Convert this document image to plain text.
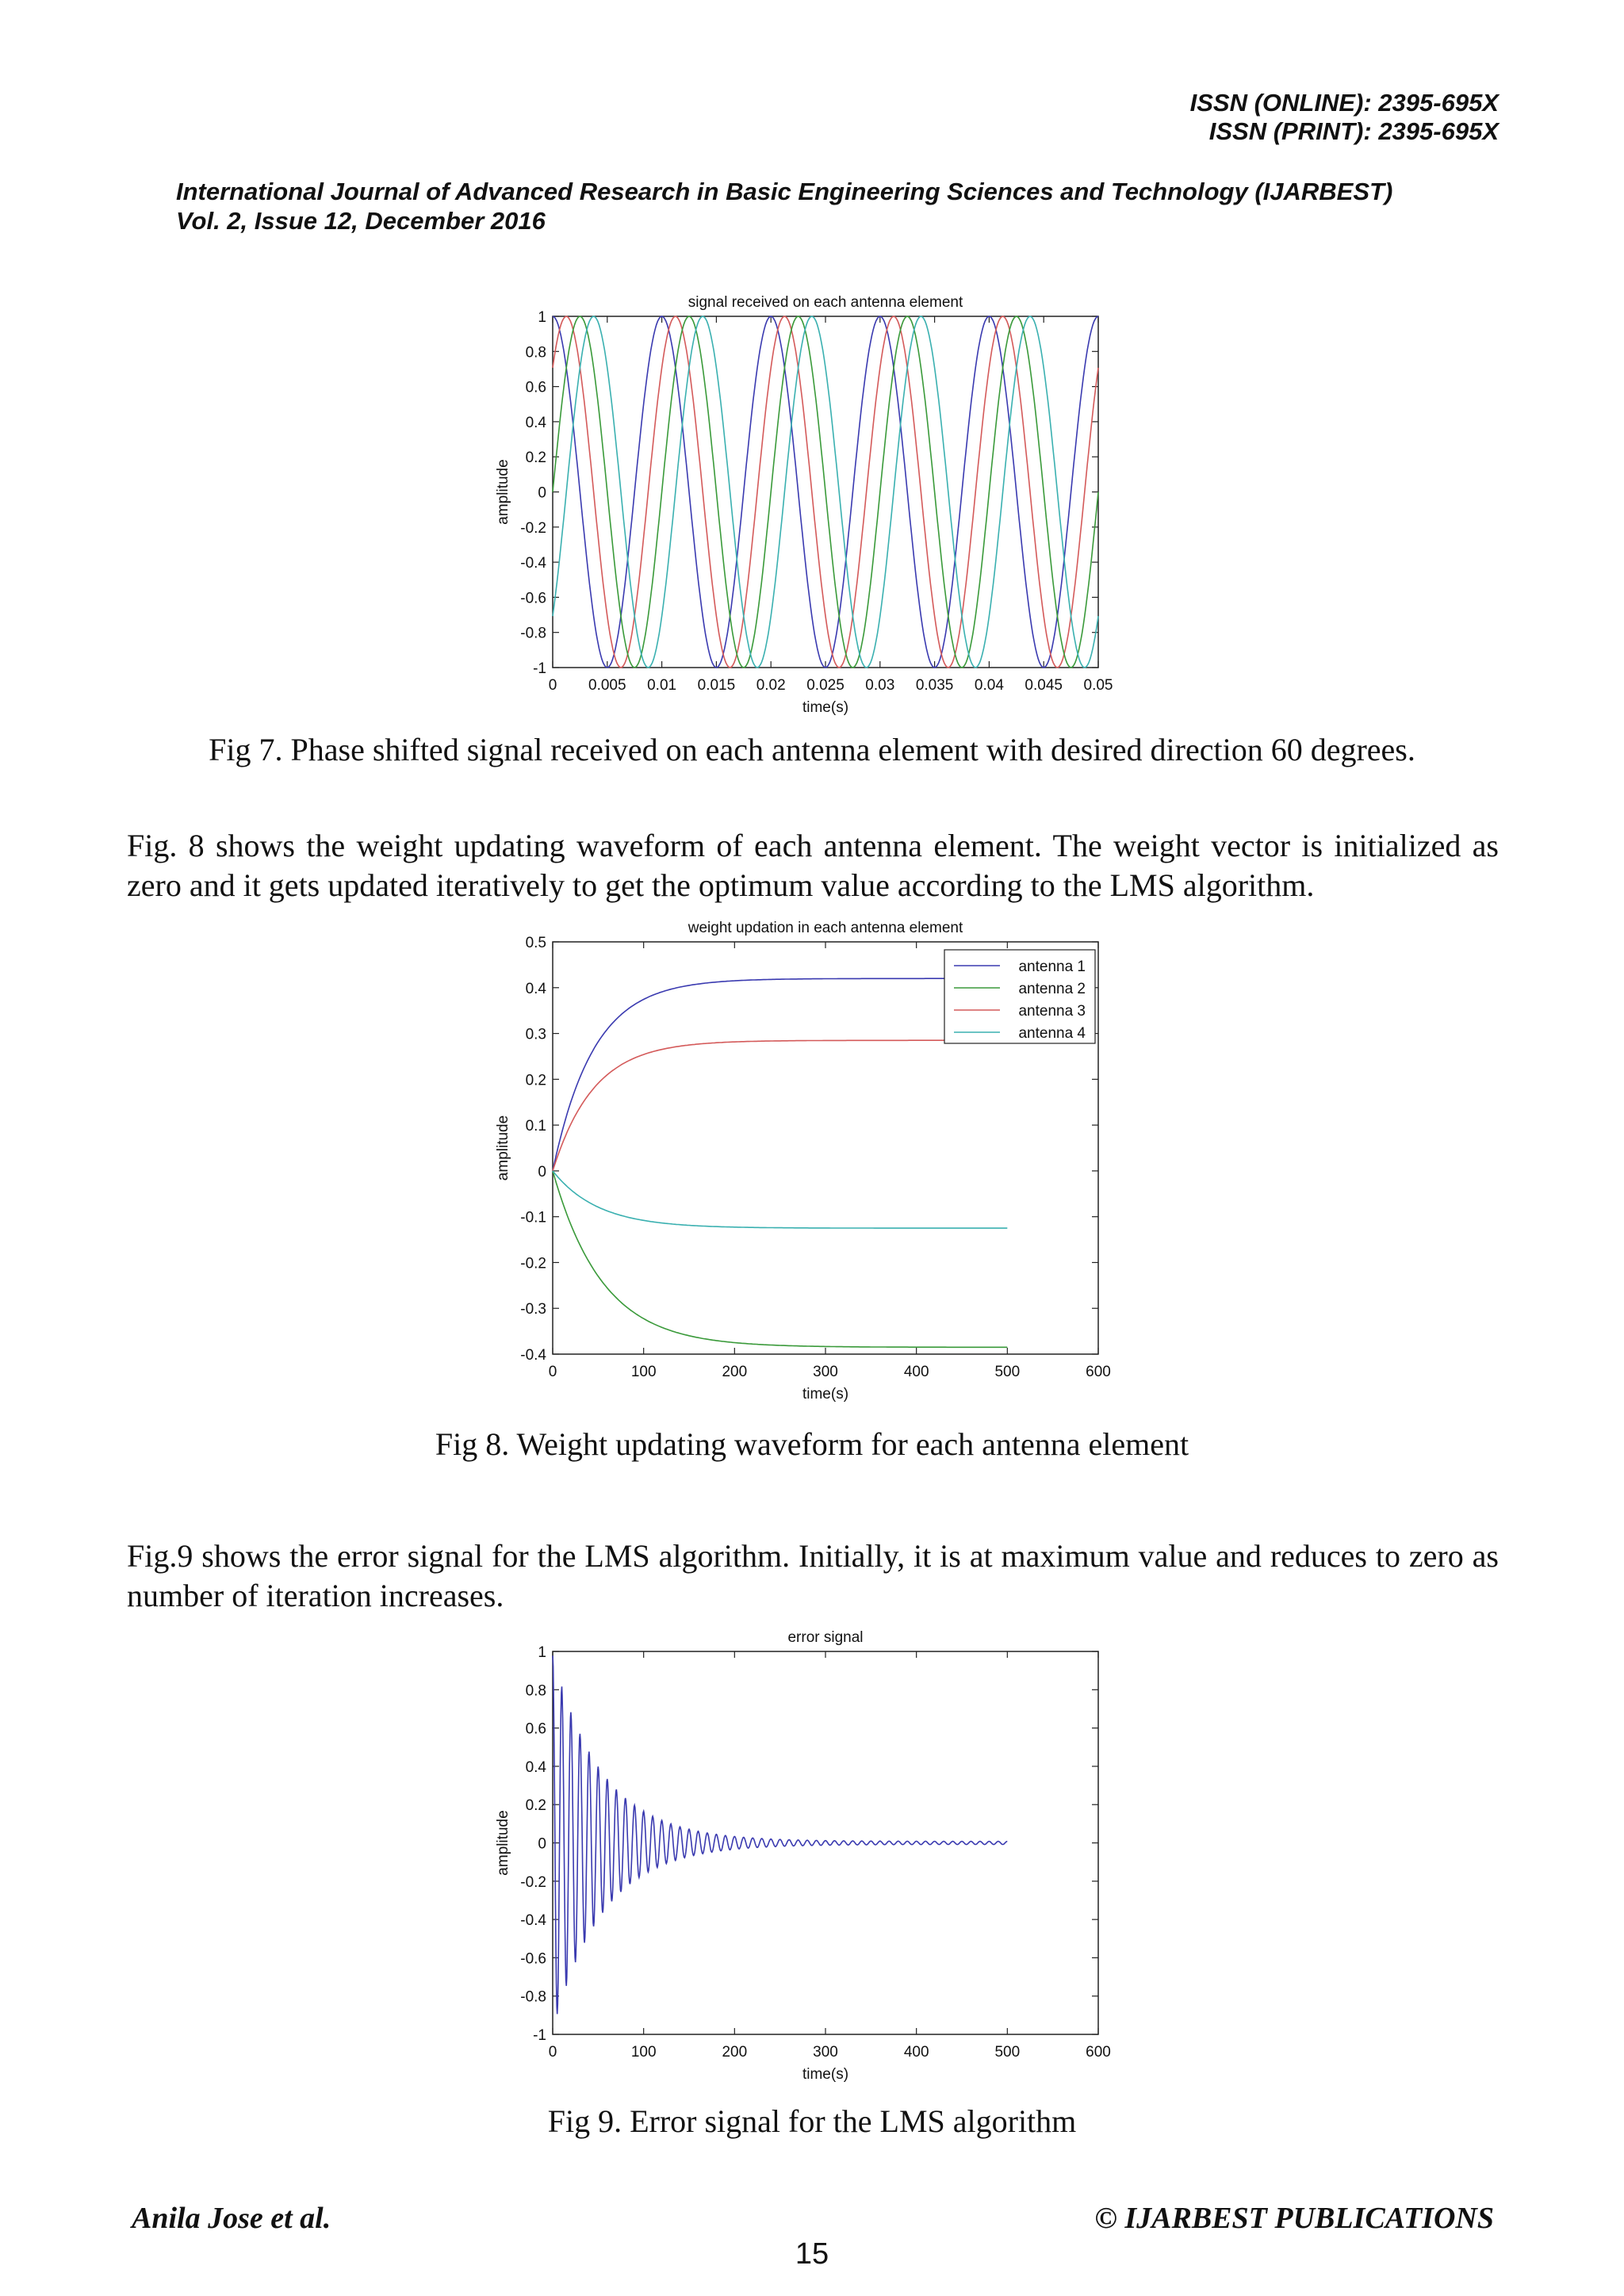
ISSN (ONLINE): 2395-695X
ISSN (PRINT): 2395-695X
International Journal of Advanced Research in Basic Engineering Sciences and Technology (IJARBEST)
Vol. 2, Issue 12, December 2016
0 0.005 0.01 0.015 0.02 0.025 0.03 0.035 0.04 0.045 0.05
-1
-0.8
-0.6
-0.4
-0.2
0
0.2
0.4
0.6
0.8
1
signal received on each antenna element
time(s)
amplitude
0	100	200	300	400	500	600
-0.4
-0.3
-0.2
-0.1
0
0.1
0.2
0.3
0.4
0.5
weight updation in each antenna element
time(s)
amplitude
antenna 1
antenna 2
antenna 3
antenna 4
0	100	200	300	400	500	600
-1
-0.8
-0.6
-0.4
-0.2
0
0.2
0.4
0.6
0.8
1
error signal
time(s)
amplitude
Fig 7. Phase shifted signal received on each antenna element with desired direction 60 degrees.
Fig. 8 shows the weight updating waveform of each antenna element. The weight vector is initialized as zero and it gets updated iteratively to get the optimum value according to the LMS algorithm.
Fig 8. Weight updating waveform for each antenna element
Fig.9 shows the error signal for the LMS algorithm. Initially, it is at maximum value and reduces to zero as number of iteration increases.
Fig 9. Error signal for the LMS algorithm
Anila Jose et al.	© IJARBEST PUBLICATIONS
15
